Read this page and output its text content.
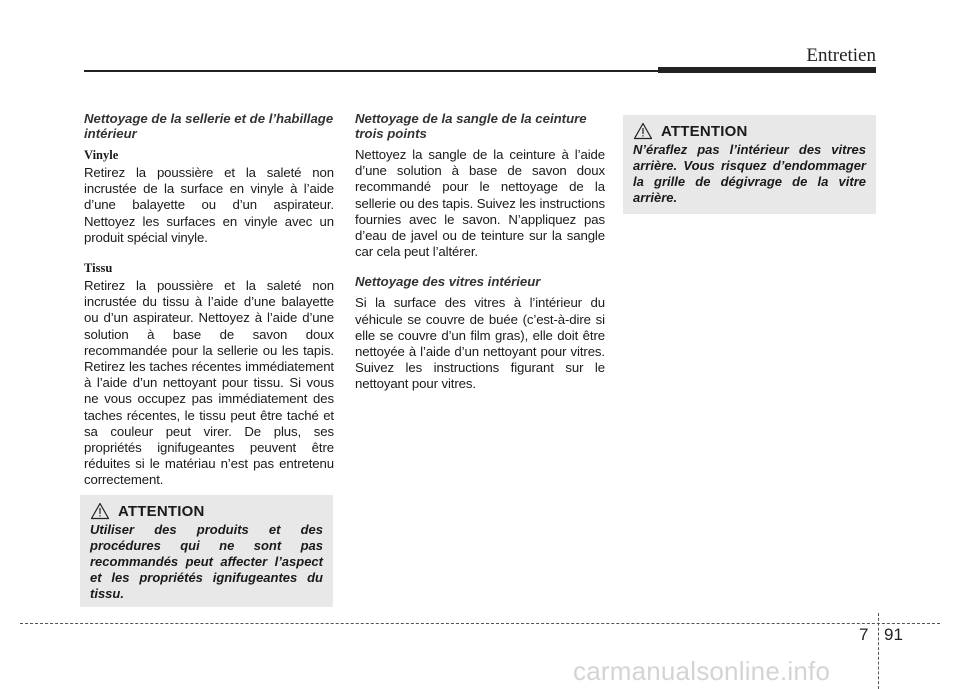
Entretien

Nettoyage de la sellerie et de l’habillage intérieur

Vinyle

Retirez la poussière et la saleté non incrustée de la surface en vinyle à l’aide d’une balayette ou d’un aspirateur. Nettoyez les surfaces en vinyle avec un produit spécial vinyle.

Tissu

Retirez la poussière et la saleté non incrustée du tissu à l’aide d’une balayette ou d’un aspirateur. Nettoyez à l’aide d’une solution à base de savon doux recommandée pour la sellerie ou les tapis. Retirez les taches récentes immédiatement à l’aide d’un nettoyant pour tissu. Si vous ne vous occupez pas immédiatement des taches récentes, le tissu peut être taché et sa couleur peut virer. De plus, ses propriétés ignifugeantes peuvent être réduites si le matériau n’est pas entretenu correctement.

Nettoyage de la sangle de la ceinture trois points

Nettoyez la sangle de la ceinture à l’aide d’une solution à base de savon doux recommandé pour le nettoyage de la sellerie ou des tapis. Suivez les instructions fournies avec le savon. N’appliquez pas d’eau de javel ou de teinture sur la sangle car cela peut l’altérer.

Nettoyage des vitres intérieur

Si la surface des vitres à l’intérieur du véhicule se couvre de buée (c’est-à-dire si elle se couvre d’un film gras), elle doit être nettoyée à l’aide d’un nettoyant pour vitres. Suivez les instructions figurant sur le nettoyant pour vitres.

ATTENTION

Utiliser des produits et des procédures qui ne sont pas recommandés peut affecter l’aspect et les propriétés ignifugeantes du tissu.

ATTENTION

N’éraflez pas l’intérieur des vitres arrière. Vous risquez d’endommager la grille de dégivrage de la vitre arrière.

7 91
carmanualsonline.info
